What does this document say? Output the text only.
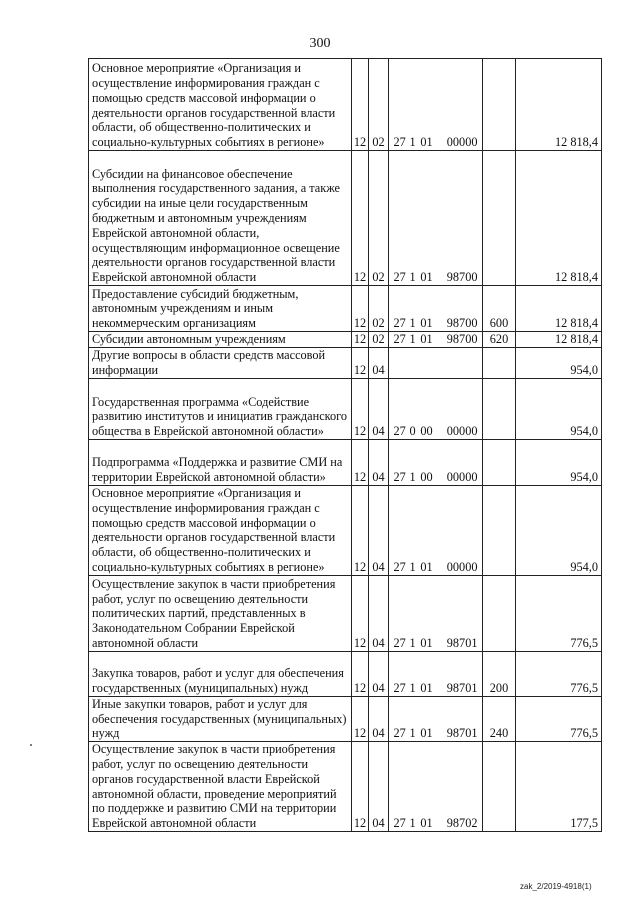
300
Основное мероприятие «Организация и осуществление информирования граждан с помощью средств массовой информации о деятельности органов государственной власти области, об общественно-политических и социально-культурных событиях в регионе»	12	02	27 1 01 00000		12 818,4
Субсидии на финансовое обеспечение выполнения государственного задания, а также субсидии на иные цели государственным бюджетным и автономным учреждениям Еврейской автономной области, осуществляющим информационное освещение деятельности органов государственной власти Еврейской автономной области	12	02	27 1 01 98700		12 818,4
Предоставление субсидий бюджетным, автономным учреждениям и иным некоммерческим организациям	12	02	27 1 01 98700	600	12 818,4
Субсидии автономным учреждениям	12	02	27 1 01 98700	620	12 818,4
Другие вопросы в области средств массовой информации	12	04			954,0
Государственная программа «Содействие развитию институтов и инициатив гражданского общества в Еврейской автономной области»	12	04	27 0 00 00000		954,0
Подпрограмма «Поддержка и развитие СМИ на территории Еврейской автономной области»	12	04	27 1 00 00000		954,0
Основное мероприятие «Организация и осуществление информирования граждан с помощью средств массовой информации о деятельности органов государственной власти области, об общественно-политических и социально-культурных событиях в регионе»	12	04	27 1 01 00000		954,0
Осуществление закупок в части приобретения работ, услуг по освещению деятельности политических партий, представленных в Законодательном Собрании Еврейской автономной области	12	04	27 1 01 98701		776,5
Закупка товаров, работ и услуг для обеспечения государственных (муниципальных) нужд	12	04	27 1 01 98701	200	776,5
Иные закупки товаров, работ и услуг для обеспечения государственных (муниципальных) нужд	12	04	27 1 01 98701	240	776,5
Осуществление закупок в части приобретения работ, услуг по освещению деятельности органов государственной власти Еврейской автономной области, проведение мероприятий по поддержке и развитию СМИ на территории Еврейской автономной области	12	04	27 1 01 98702		177,5
zak_2/2019-4918(1)
